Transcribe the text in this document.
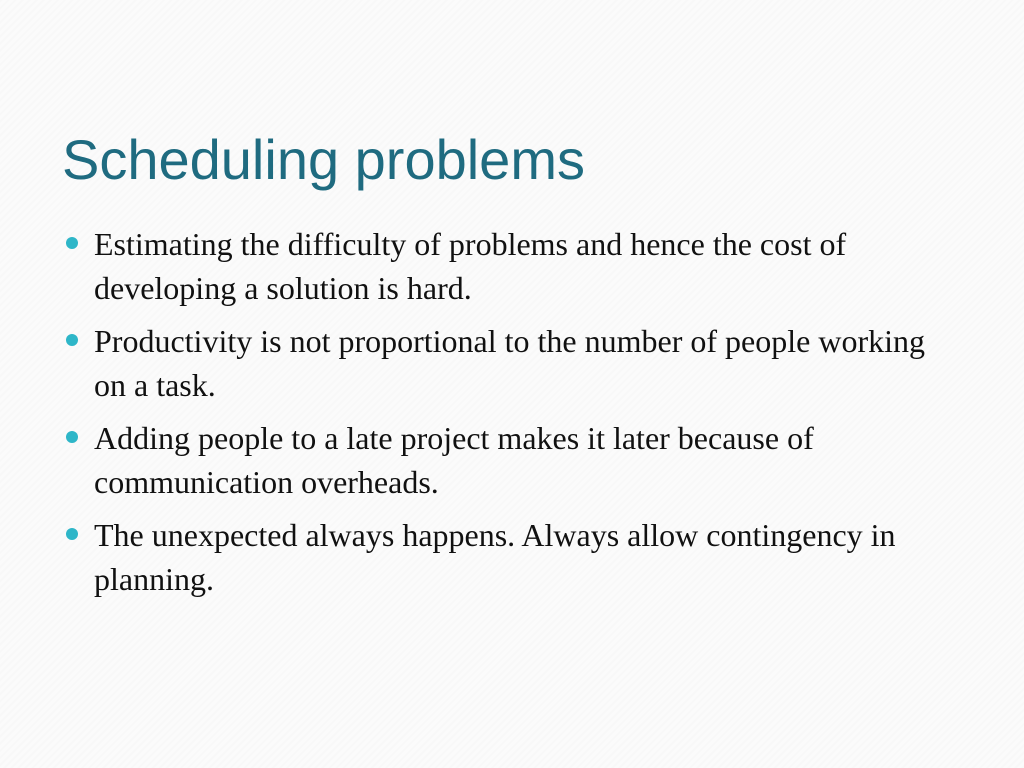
Scheduling problems
Estimating the difficulty of problems and hence the cost of developing a solution is hard.
Productivity is not proportional to the number of people working on a task.
Adding people to a late project makes it later because of communication overheads.
The unexpected always happens. Always allow contingency in planning.
